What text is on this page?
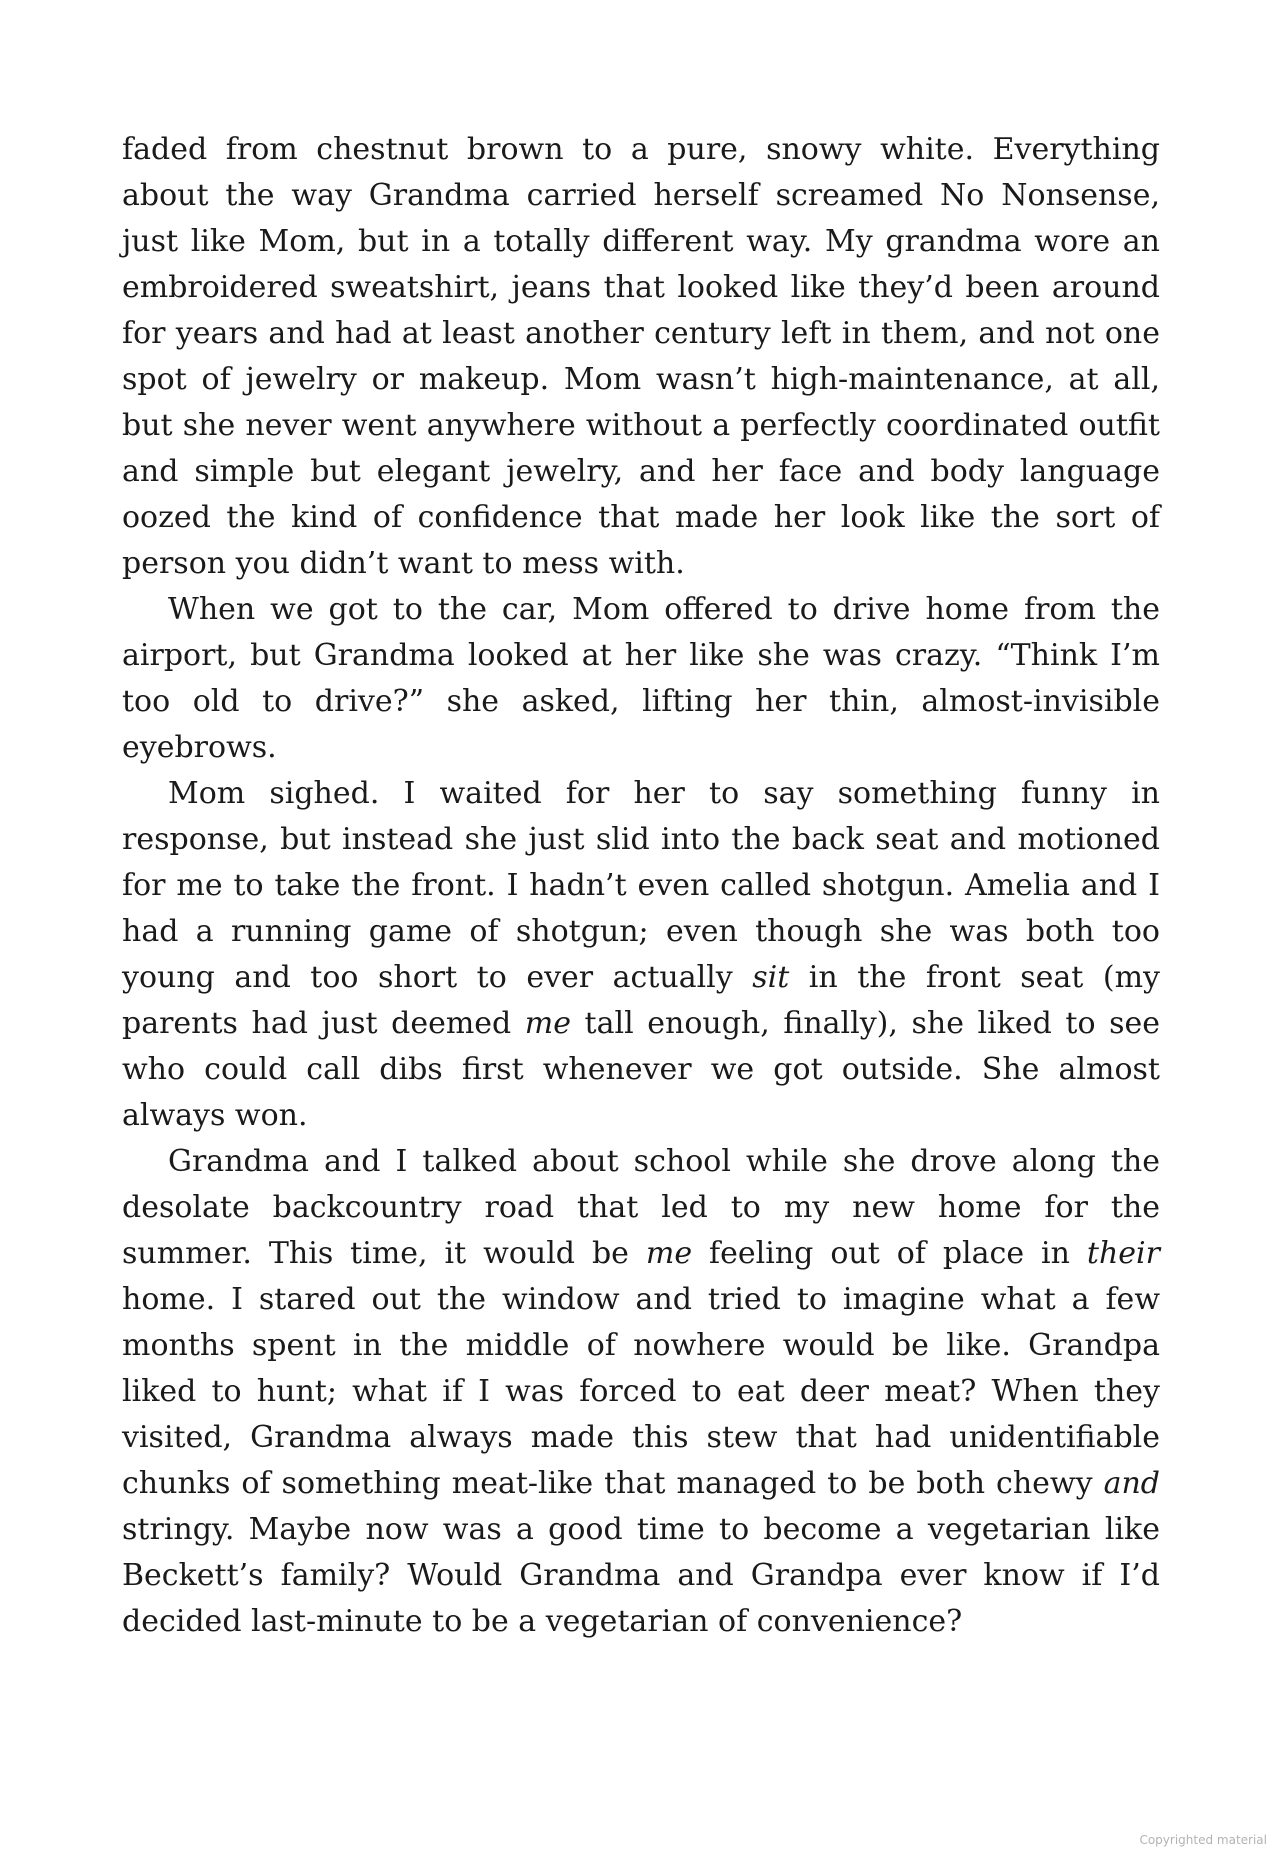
faded from chestnut brown to a pure, snowy white. Everything about the way Grandma carried herself screamed No Nonsense, just like Mom, but in a totally different way. My grandma wore an embroidered sweatshirt, jeans that looked like they’d been around for years and had at least another century left in them, and not one spot of jewelry or makeup. Mom wasn’t high-maintenance, at all, but she never went anywhere without a perfectly coordinated outfit and simple but elegant jewelry, and her face and body language oozed the kind of confidence that made her look like the sort of person you didn’t want to mess with.

When we got to the car, Mom offered to drive home from the airport, but Grandma looked at her like she was crazy. “Think I’m too old to drive?” she asked, lifting her thin, almost-invisible eyebrows.

Mom sighed. I waited for her to say something funny in response, but instead she just slid into the back seat and motioned for me to take the front. I hadn’t even called shotgun. Amelia and I had a running game of shotgun; even though she was both too young and too short to ever actually sit in the front seat (my parents had just deemed me tall enough, finally), she liked to see who could call dibs first whenever we got outside. She almost always won.

Grandma and I talked about school while she drove along the desolate backcountry road that led to my new home for the summer. This time, it would be me feeling out of place in their home. I stared out the window and tried to imagine what a few months spent in the middle of nowhere would be like. Grandpa liked to hunt; what if I was forced to eat deer meat? When they visited, Grandma always made this stew that had unidentifiable chunks of something meat-like that managed to be both chewy and stringy. Maybe now was a good time to become a vegetarian like Beckett’s family? Would Grandma and Grandpa ever know if I’d decided last-minute to be a vegetarian of convenience?

Copyrighted material
